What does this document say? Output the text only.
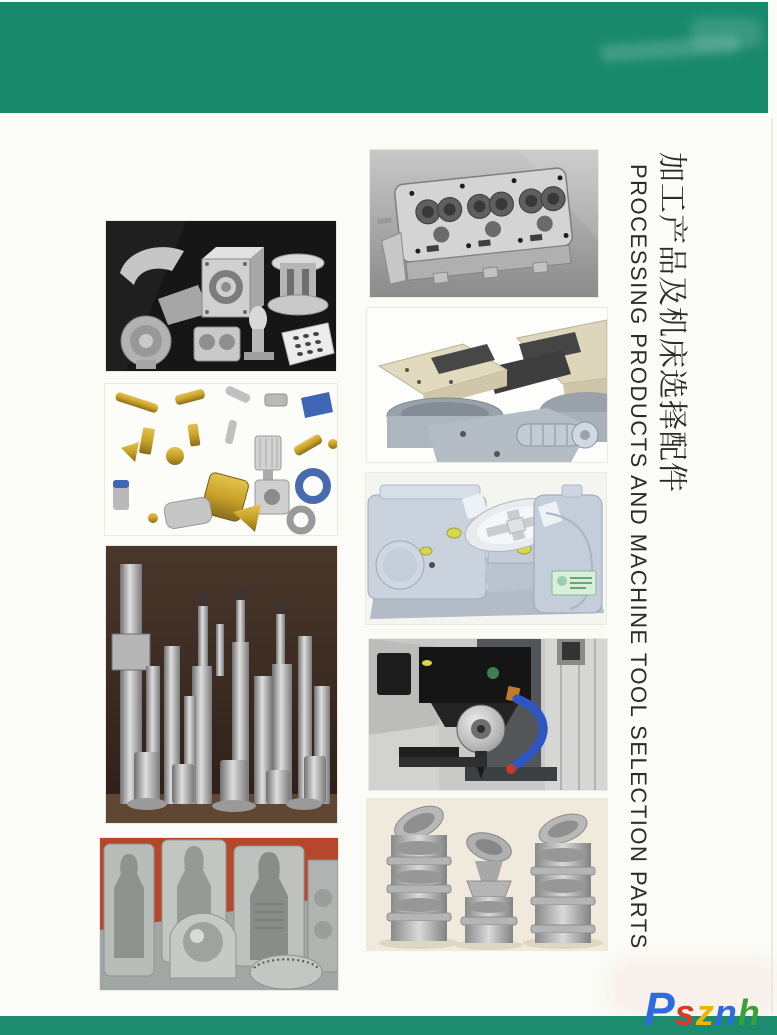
加工产品及机床选择配件
PROCESSING PRODUCTS AND MACHINE TOOL SELECTION PARTS
Psznh
